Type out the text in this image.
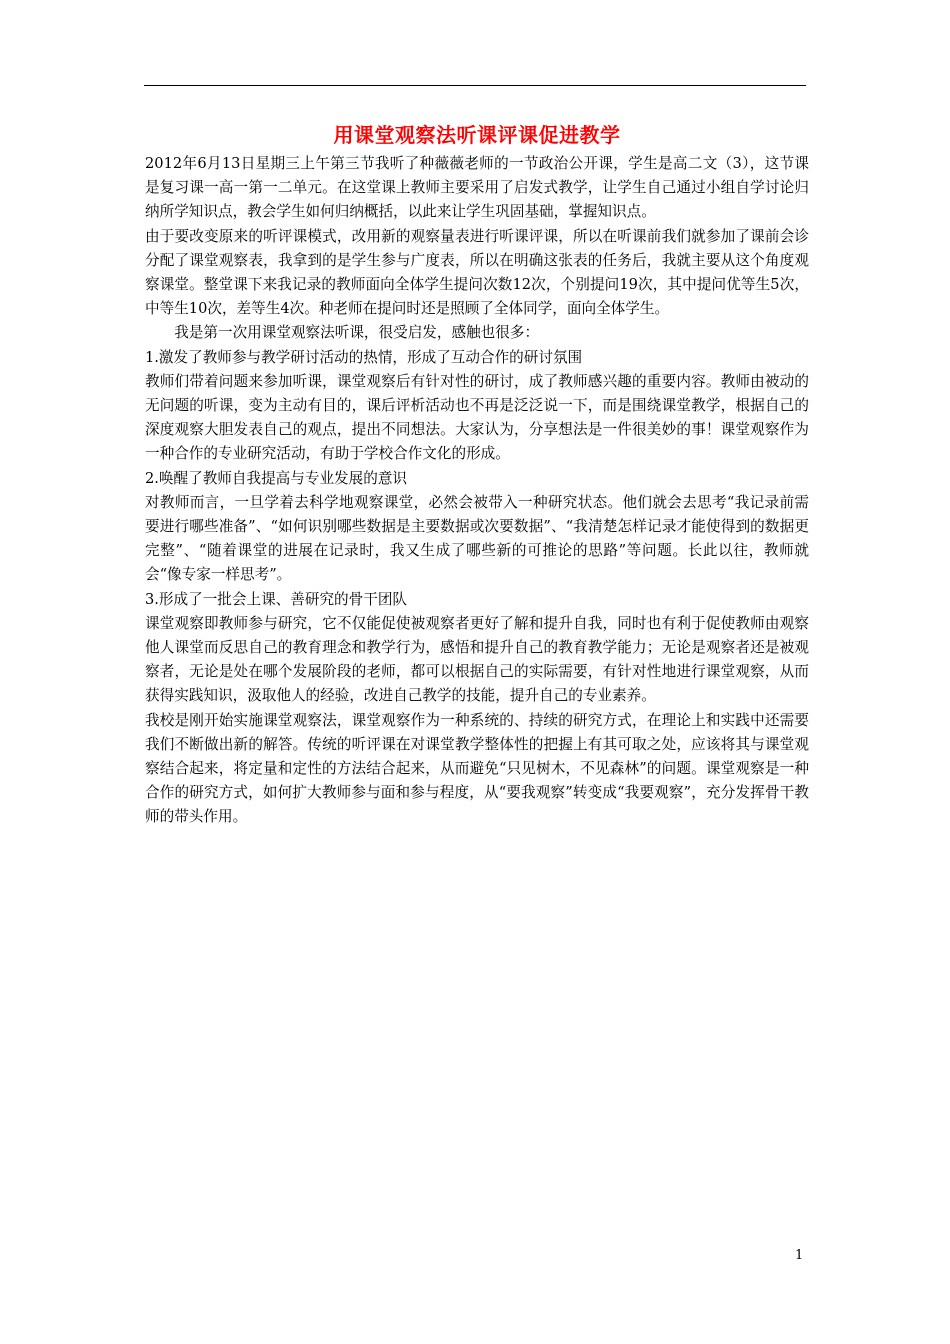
用课堂观察法听课评课促进教学

2012年6月13日星期三上午第三节我听了种薇薇老师的一节政治公开课，学生是高二文（3），这节课是复习课一高一第一二单元。在这堂课上教师主要采用了启发式教学，让学生自己通过小组自学讨论归纳所学知识点，教会学生如何归纳概括，以此来让学生巩固基础，掌握知识点。

由于要改变原来的听评课模式，改用新的观察量表进行听课评课，所以在听课前我们就参加了课前会诊分配了课堂观察表，我拿到的是学生参与广度表，所以在明确这张表的任务后，我就主要从这个角度观察课堂。整堂课下来我记录的教师面向全体学生提问次数12次，个别提问19次，其中提问优等生5次，中等生10次，差等生4次。种老师在提问时还是照顾了全体同学，面向全体学生。

我是第一次用课堂观察法听课，很受启发，感触也很多：

1.激发了教师参与教学研讨活动的热情，形成了互动合作的研讨氛围

教师们带着问题来参加听课，课堂观察后有针对性的研讨，成了教师感兴趣的重要内容。教师由被动的无问题的听课，变为主动有目的，课后评析活动也不再是泛泛说一下，而是围绕课堂教学，根据自己的深度观察大胆发表自己的观点，提出不同想法。大家认为，分享想法是一件很美妙的事！课堂观察作为一种合作的专业研究活动，有助于学校合作文化的形成。

2.唤醒了教师自我提高与专业发展的意识

对教师而言，一旦学着去科学地观察课堂，必然会被带入一种研究状态。他们就会去思考“我记录前需要进行哪些准备”、“如何识别哪些数据是主要数据或次要数据”、“我清楚怎样记录才能使得到的数据更完整”、“随着课堂的进展在记录时，我又生成了哪些新的可推论的思路”等问题。长此以往，教师就会“像专家一样思考”。

3.形成了一批会上课、善研究的骨干团队

课堂观察即教师参与研究，它不仅能促使被观察者更好了解和提升自我，同时也有利于促使教师由观察他人课堂而反思自己的教育理念和教学行为，感悟和提升自己的教育教学能力；无论是观察者还是被观察者，无论是处在哪个发展阶段的老师，都可以根据自己的实际需要，有针对性地进行课堂观察，从而获得实践知识，汲取他人的经验，改进自己教学的技能，提升自己的专业素养。

我校是刚开始实施课堂观察法，课堂观察作为一种系统的、持续的研究方式，在理论上和实践中还需要我们不断做出新的解答。传统的听评课在对课堂教学整体性的把握上有其可取之处，应该将其与课堂观察结合起来，将定量和定性的方法结合起来，从而避免“只见树木，不见森林”的问题。课堂观察是一种合作的研究方式，如何扩大教师参与面和参与程度，从“要我观察”转变成“我要观察”，充分发挥骨干教师的带头作用。

1
